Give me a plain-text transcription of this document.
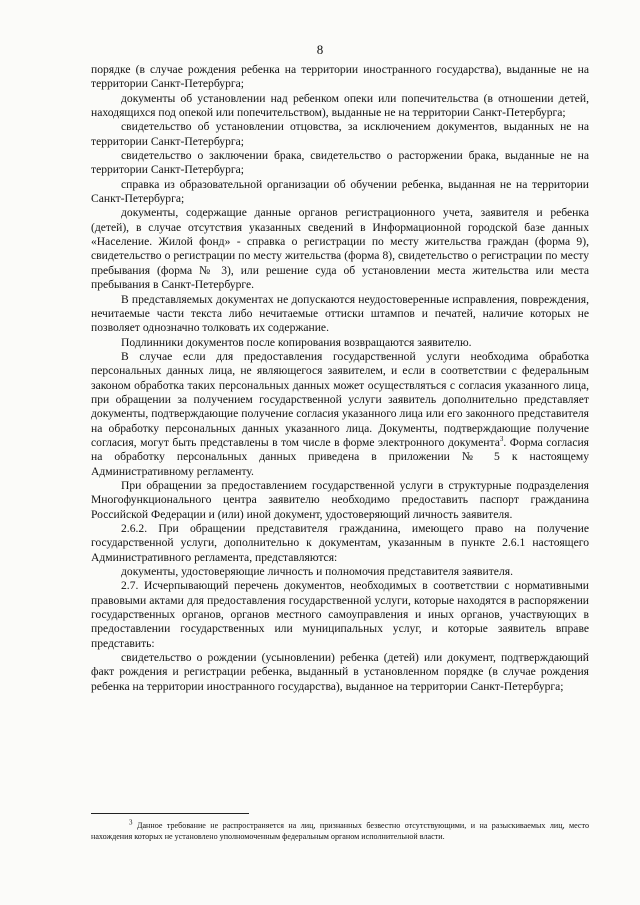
8

порядке (в случае рождения ребенка на территории иностранного государства), выданные не на территории Санкт-Петербурга;

документы об установлении над ребенком опеки или попечительства (в отношении детей, находящихся под опекой или попечительством), выданные не на территории Санкт-Петербурга;

свидетельство об установлении отцовства, за исключением документов, выданных не на территории Санкт-Петербурга;

свидетельство о заключении брака, свидетельство о расторжении брака, выданные не на территории Санкт-Петербурга;

справка из образовательной организации об обучении ребенка, выданная не на территории Санкт-Петербурга;

документы, содержащие данные органов регистрационного учета, заявителя и ребенка (детей), в случае отсутствия указанных сведений в Информационной городской базе данных «Население. Жилой фонд» - справка о регистрации по месту жительства граждан (форма 9), свидетельство о регистрации по месту жительства (форма 8), свидетельство о регистрации по месту пребывания (форма № 3), или решение суда об установлении места жительства или места пребывания в Санкт-Петербурге.

В представляемых документах не допускаются неудостоверенные исправления, повреждения, нечитаемые части текста либо нечитаемые оттиски штампов и печатей, наличие которых не позволяет однозначно толковать их содержание.

Подлинники документов после копирования возвращаются заявителю.

В случае если для предоставления государственной услуги необходима обработка персональных данных лица, не являющегося заявителем, и если в соответствии с федеральным законом обработка таких персональных данных может осуществляться с согласия указанного лица, при обращении за получением государственной услуги заявитель дополнительно представляет документы, подтверждающие получение согласия указанного лица или его законного представителя на обработку персональных данных указанного лица. Документы, подтверждающие получение согласия, могут быть представлены в том числе в форме электронного документа$^3$. Форма согласия на обработку персональных данных приведена в приложении № 5 к настоящему Административному регламенту.

При обращении за предоставлением государственной услуги в структурные подразделения Многофункционального центра заявителю необходимо предоставить паспорт гражданина Российской Федерации и (или) иной документ, удостоверяющий личность заявителя.

2.6.2. При обращении представителя гражданина, имеющего право на получение государственной услуги, дополнительно к документам, указанным в пункте 2.6.1 настоящего Административного регламента, представляются:

документы, удостоверяющие личность и полномочия представителя заявителя.

2.7. Исчерпывающий перечень документов, необходимых в соответствии с нормативными правовыми актами для предоставления государственной услуги, которые находятся в распоряжении государственных органов, органов местного самоуправления и иных органов, участвующих в предоставлении государственных или муниципальных услуг, и которые заявитель вправе представить:

свидетельство о рождении (усыновлении) ребенка (детей) или документ, подтверждающий факт рождения и регистрации ребенка, выданный в установленном порядке (в случае рождения ребенка на территории иностранного государства), выданное на территории Санкт-Петербурга;

$^3$ Данное требование не распространяется на лиц, признанных безвестно отсутствующими, и на разыскиваемых лиц, место нахождения которых не установлено уполномоченным федеральным органом исполнительной власти.
